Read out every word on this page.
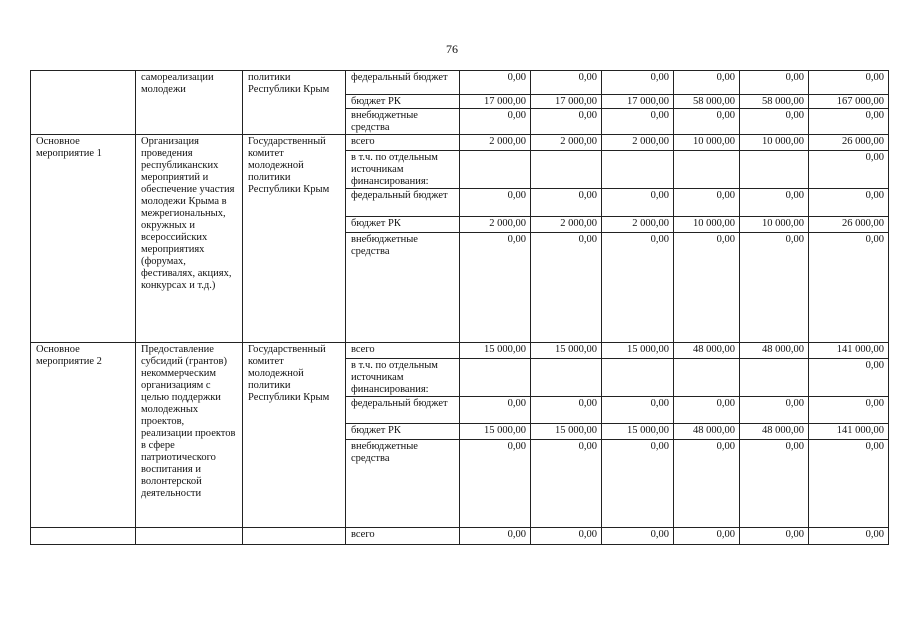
76
	самореализации молодежи	политики Республики Крым	федеральный бюджет	0,00	0,00	0,00	0,00	0,00	0,00
			бюджет РК	17 000,00	17 000,00	17 000,00	58 000,00	58 000,00	167 000,00
			внебюджетные средства	0,00	0,00	0,00	0,00	0,00	0,00
Основное мероприятие 1	Организация проведения республиканских мероприятий и обеспечение участия молодежи Крыма в межрегиональных, окружных и всероссийских мероприятиях (форумах, фестивалях, акциях, конкурсах и т.д.)	Государственный комитет молодежной политики Республики Крым	всего	2 000,00	2 000,00	2 000,00	10 000,00	10 000,00	26 000,00
			в т.ч. по отдельным источникам финансирования:						0,00
			федеральный бюджет	0,00	0,00	0,00	0,00	0,00	0,00
			бюджет РК	2 000,00	2 000,00	2 000,00	10 000,00	10 000,00	26 000,00
			внебюджетные средства	0,00	0,00	0,00	0,00	0,00	0,00
Основное мероприятие 2	Предоставление субсидий (грантов) некоммерческим организациям с целью поддержки молодежных проектов, реализации проектов в сфере патриотического воспитания и волонтерской деятельности	Государственный комитет молодежной политики Республики Крым	всего	15 000,00	15 000,00	15 000,00	48 000,00	48 000,00	141 000,00
			в т.ч. по отдельным источникам финансирования:						0,00
			федеральный бюджет	0,00	0,00	0,00	0,00	0,00	0,00
			бюджет РК	15 000,00	15 000,00	15 000,00	48 000,00	48 000,00	141 000,00
			внебюджетные средства	0,00	0,00	0,00	0,00	0,00	0,00
			всего	0,00	0,00	0,00	0,00	0,00	0,00
